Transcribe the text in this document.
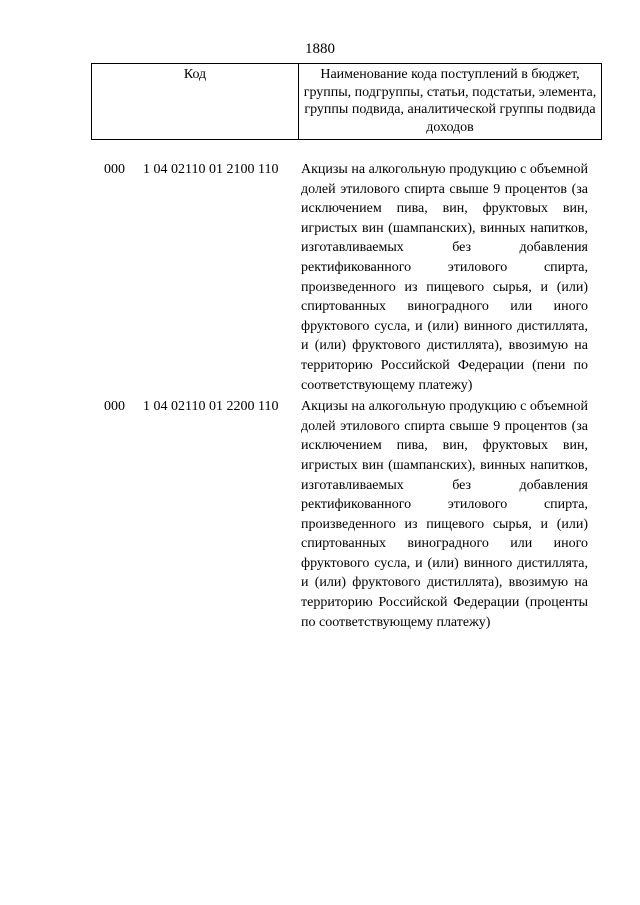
1880
Код	Наименование кода поступлений в бюджет, группы, подгруппы, статьи, подстатьи, элемента, группы подвида, аналитической группы подвида доходов
000 1 04 02110 01 2100 110 Акцизы на алкогольную продукцию с объемной долей этилового спирта свыше 9 процентов (за исключением пива, вин, фруктовых вин, игристых вин (шампанских), винных напитков, изготавливаемых без добавления ректификованного этилового спирта, произведенного из пищевого сырья, и (или) спиртованных виноградного или иного фруктового сусла, и (или) винного дистиллята, и (или) фруктового дистиллята), ввозимую на территорию Российской Федерации (пени по соответствующему платежу)
000 1 04 02110 01 2200 110 Акцизы на алкогольную продукцию с объемной долей этилового спирта свыше 9 процентов (за исключением пива, вин, фруктовых вин, игристых вин (шампанских), винных напитков, изготавливаемых без добавления ректификованного этилового спирта, произведенного из пищевого сырья, и (или) спиртованных виноградного или иного фруктового сусла, и (или) винного дистиллята, и (или) фруктового дистиллята), ввозимую на территорию Российской Федерации (проценты по соответствующему платежу)
